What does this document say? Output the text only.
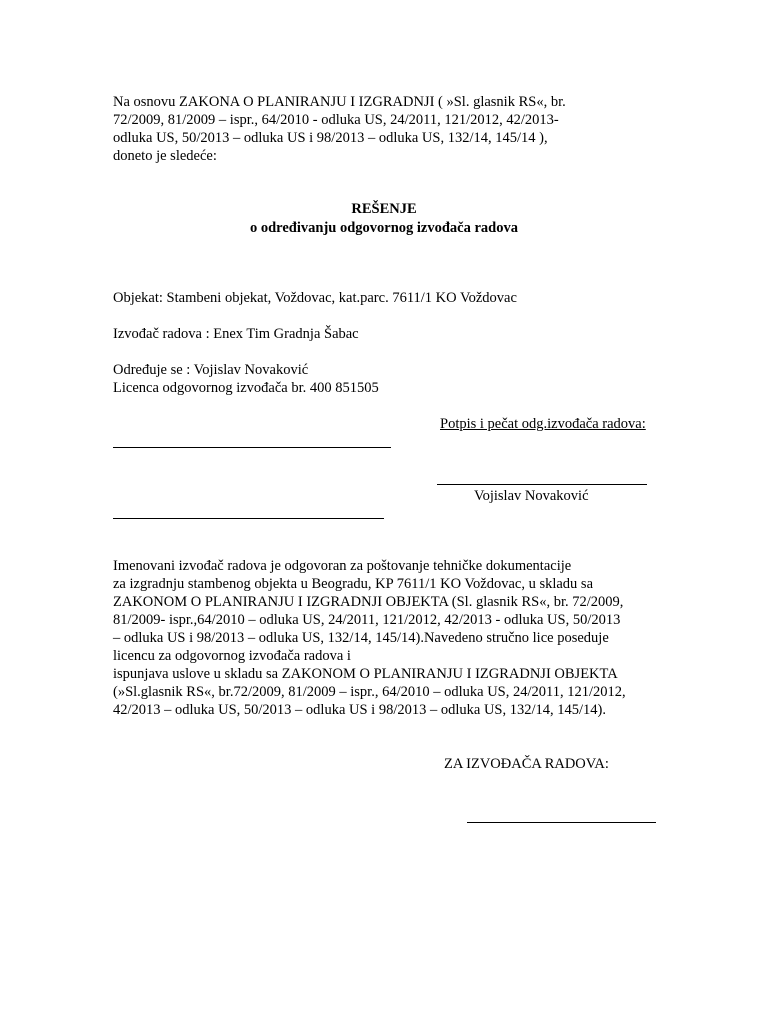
Na osnovu ZAKONA O PLANIRANJU I IZGRADNJI ( »Sl. glasnik RS«, br.
72/2009, 81/2009 – ispr., 64/2010 - odluka US, 24/2011, 121/2012, 42/2013-
odluka US, 50/2013 – odluka US i 98/2013 – odluka US, 132/14, 145/14 ),
doneto je sledeće:
REŠENJE
o određivanju odgovornog izvođača radova
Objekat: Stambeni objekat, Voždovac, kat.parc. 7611/1 KO Voždovac
Izvođač radova : Enex Tim Gradnja Šabac
Određuje se : Vojislav Novaković
Licenca odgovornog izvođača br. 400 851505
Potpis i pečat odg.izvođača radova:
Vojislav Novaković
Imenovani izvođač radova je odgovoran za poštovanje tehničke dokumentacije
za izgradnju stambenog objekta u Beogradu, KP 7611/1 KO Voždovac, u skladu sa
ZAKONOM O PLANIRANJU I IZGRADNJI OBJEKTA (Sl. glasnik RS«, br. 72/2009,
81/2009- ispr.,64/2010 – odluka US, 24/2011, 121/2012, 42/2013 - odluka US, 50/2013
– odluka US i 98/2013 – odluka US, 132/14, 145/14).Navedeno stručno lice poseduje
licencu za odgovornog izvođača radova i
ispunjava uslove u skladu sa ZAKONOM O PLANIRANJU I IZGRADNJI OBJEKTA
(»Sl.glasnik RS«, br.72/2009, 81/2009 – ispr., 64/2010 – odluka US, 24/2011, 121/2012,
42/2013 – odluka US, 50/2013 – odluka US i 98/2013 – odluka US, 132/14, 145/14).
ZA IZVOĐAČA RADOVA:
